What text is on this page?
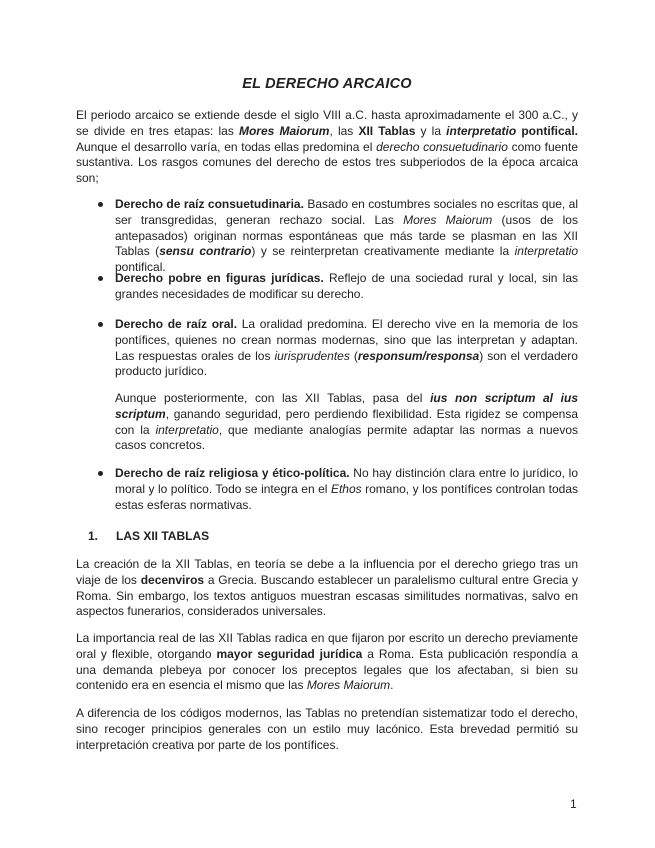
EL DERECHO ARCAICO

El periodo arcaico se extiende desde el siglo VIII a.C. hasta aproximadamente el 300 a.C., y se divide en tres etapas: las Mores Maiorum, las XII Tablas y la interpretatio pontifical. Aunque el desarrollo varía, en todas ellas predomina el derecho consuetudinario como fuente sustantiva. Los rasgos comunes del derecho de estos tres subperiodos de la época arcaica son;

Derecho de raíz consuetudinaria. Basado en costumbres sociales no escritas que, al ser transgredidas, generan rechazo social. Las Mores Maiorum (usos de los antepasados) originan normas espontáneas que más tarde se plasman en las XII Tablas (sensu contrario) y se reinterpretan creativamente mediante la interpretatio pontifical.

Derecho pobre en figuras jurídicas. Reflejo de una sociedad rural y local, sin las grandes necesidades de modificar su derecho.

Derecho de raíz oral. La oralidad predomina. El derecho vive en la memoria de los pontífices, quienes no crean normas modernas, sino que las interpretan y adaptan. Las respuestas orales de los iurisprudentes (responsum/responsa) son el verdadero producto jurídico.

Aunque posteriormente, con las XII Tablas, pasa del ius non scriptum al ius scriptum, ganando seguridad, pero perdiendo flexibilidad. Esta rigidez se compensa con la interpretatio, que mediante analogías permite adaptar las normas a nuevos casos concretos.

Derecho de raíz religiosa y ético-política. No hay distinción clara entre lo jurídico, lo moral y lo político. Todo se integra en el Ethos romano, y los pontífices controlan todas estas esferas normativas.

1. LAS XII TABLAS

La creación de la XII Tablas, en teoría se debe a la influencia por el derecho griego tras un viaje de los decenviros a Grecia. Buscando establecer un paralelismo cultural entre Grecia y Roma. Sin embargo, los textos antiguos muestran escasas similitudes normativas, salvo en aspectos funerarios, considerados universales.

La importancia real de las XII Tablas radica en que fijaron por escrito un derecho previamente oral y flexible, otorgando mayor seguridad jurídica a Roma. Esta publicación respondía a una demanda plebeya por conocer los preceptos legales que los afectaban, si bien su contenido era en esencia el mismo que las Mores Maiorum.

A diferencia de los códigos modernos, las Tablas no pretendían sistematizar todo el derecho, sino recoger principios generales con un estilo muy lacónico. Esta brevedad permitió su interpretación creativa por parte de los pontífices.

1
